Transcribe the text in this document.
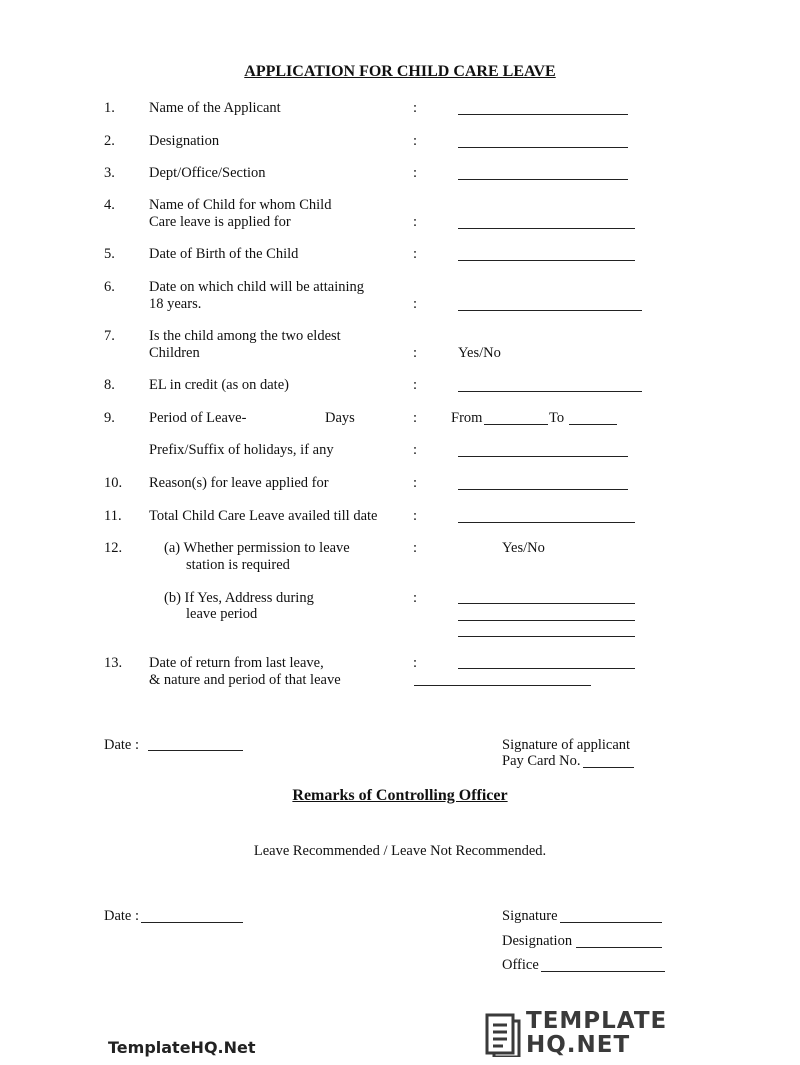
APPLICATION FOR CHILD CARE LEAVE
1. Name of the Applicant	:
2. Designation	:
3. Dept/Office/Section	:
4. Name of Child for whom Child
Care leave is applied for	:
5. Date of Birth of the Child	:
6. Date on which child will be attaining
18 years.	:
7. Is the child among the two eldest
Children	:	Yes/No
8. EL in credit (as on date)	:
9. Period of Leave-	Days	: From	To
Prefix/Suffix of holidays, if any	:
10. Reason(s) for leave applied for	:
11. Total Child Care Leave availed till date :
12.	(a) Whether permission to leave
station is required
:	Yes/No
(b) If Yes, Address during
leave period
:
13. Date of return from last leave,
& nature and period of that leave
:
Date :	Signature of applicant
Pay Card No.
Remarks of Controlling Officer
Leave Recommended / Leave Not Recommended.
Date :	Signature
Designation
Office
TemplateHQ.Net
TEMPLATE
HQ.NET
